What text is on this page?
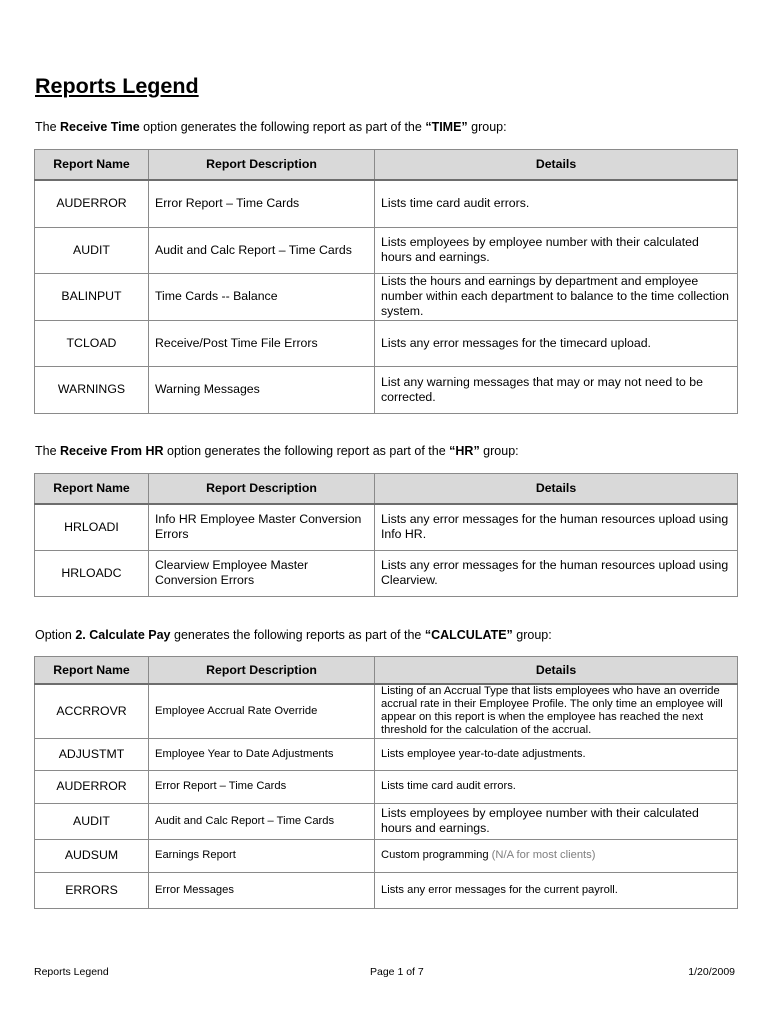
Reports Legend

The Receive Time option generates the following report as part of the “TIME” group:

Report Name	Report Description	Details
AUDERROR	Error Report – Time Cards	Lists time card audit errors.
AUDIT	Audit and Calc Report – Time Cards	Lists employees by employee number with their calculated hours and earnings.
BALINPUT	Time Cards -- Balance	Lists the hours and earnings by department and employee number within each department to balance to the time collection system.
TCLOAD	Receive/Post Time File Errors	Lists any error messages for the timecard upload.
WARNINGS	Warning Messages	List any warning messages that may or may not need to be corrected.

The Receive From HR option generates the following report as part of the “HR” group:

Report Name	Report Description	Details
HRLOADI	Info HR Employee Master Conversion Errors	Lists any error messages for the human resources upload using Info HR.
HRLOADC	Clearview Employee Master Conversion Errors	Lists any error messages for the human resources upload using Clearview.

Option 2. Calculate Pay generates the following reports as part of the “CALCULATE” group:

Report Name	Report Description	Details
ACCRROVR	Employee Accrual Rate Override	Listing of an Accrual Type that lists employees who have an override accrual rate in their Employee Profile. The only time an employee will appear on this report is when the employee has reached the next threshold for the calculation of the accrual.
ADJUSTMT	Employee Year to Date Adjustments	Lists employee year-to-date adjustments.
AUDERROR	Error Report – Time Cards	Lists time card audit errors.
AUDIT	Audit and Calc Report – Time Cards	Lists employees by employee number with their calculated hours and earnings.
AUDSUM	Earnings Report	Custom programming (N/A for most clients)
ERRORS	Error Messages	Lists any error messages for the current payroll.
Reports Legend	Page 1 of 7	1/20/2009
